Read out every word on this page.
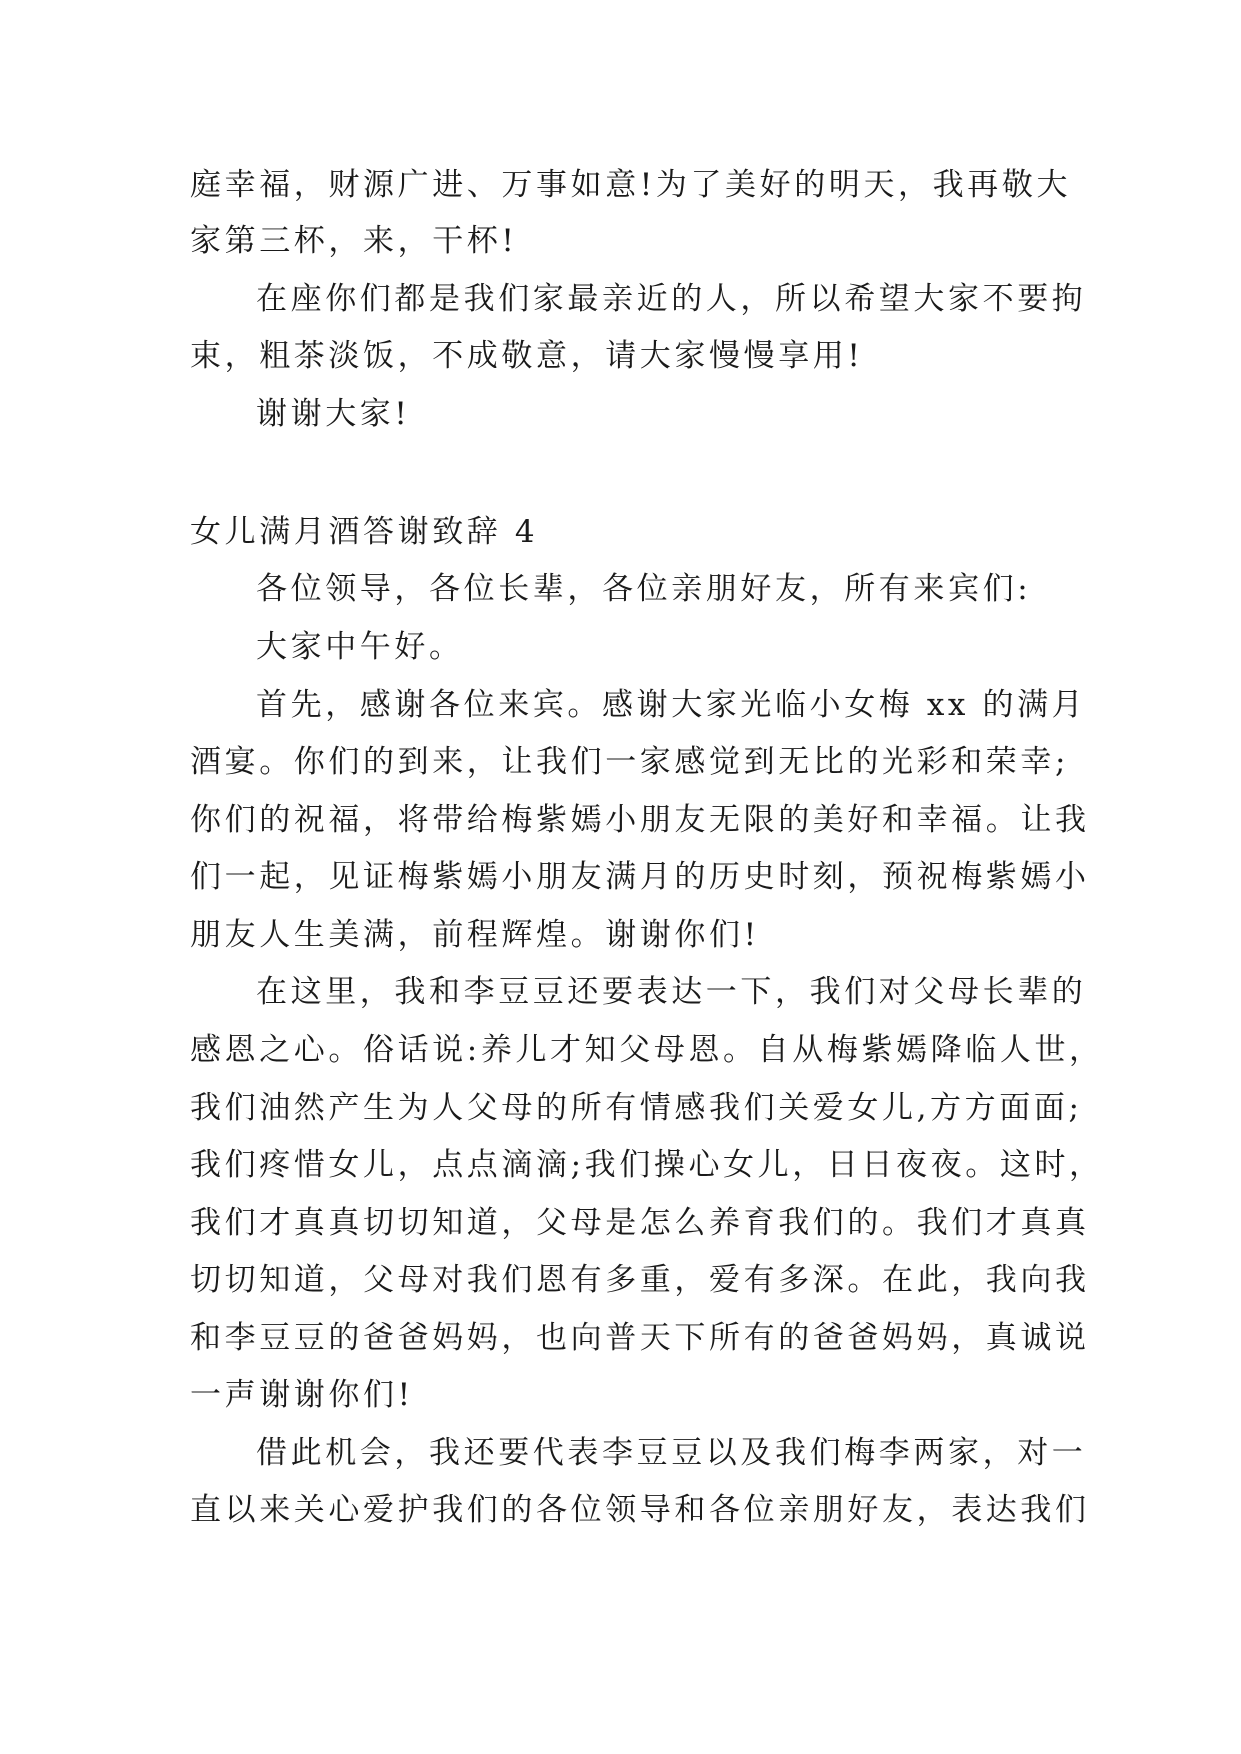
庭幸福，财源广进、万事如意!为了美好的明天，我再敬大
家第三杯，来，干杯!
在座你们都是我们家最亲近的人，所以希望大家不要拘
束，粗茶淡饭，不成敬意，请大家慢慢享用!
谢谢大家!
女儿满月酒答谢致辞 4
各位领导，各位长辈，各位亲朋好友，所有来宾们:
大家中午好。
首先，感谢各位来宾。感谢大家光临小女梅 xx 的满月
酒宴。你们的到来，让我们一家感觉到无比的光彩和荣幸;
你们的祝福，将带给梅紫嫣小朋友无限的美好和幸福。让我
们一起，见证梅紫嫣小朋友满月的历史时刻，预祝梅紫嫣小
朋友人生美满，前程辉煌。谢谢你们!
在这里，我和李豆豆还要表达一下，我们对父母长辈的
感恩之心。俗话说:养儿才知父母恩。自从梅紫嫣降临人世，
我们油然产生为人父母的所有情感我们关爱女儿,方方面面;
我们疼惜女儿，点点滴滴;我们操心女儿，日日夜夜。这时，
我们才真真切切知道，父母是怎么养育我们的。我们才真真
切切知道，父母对我们恩有多重，爱有多深。在此，我向我
和李豆豆的爸爸妈妈，也向普天下所有的爸爸妈妈，真诚说
一声谢谢你们!
借此机会，我还要代表李豆豆以及我们梅李两家，对一
直以来关心爱护我们的各位领导和各位亲朋好友，表达我们
